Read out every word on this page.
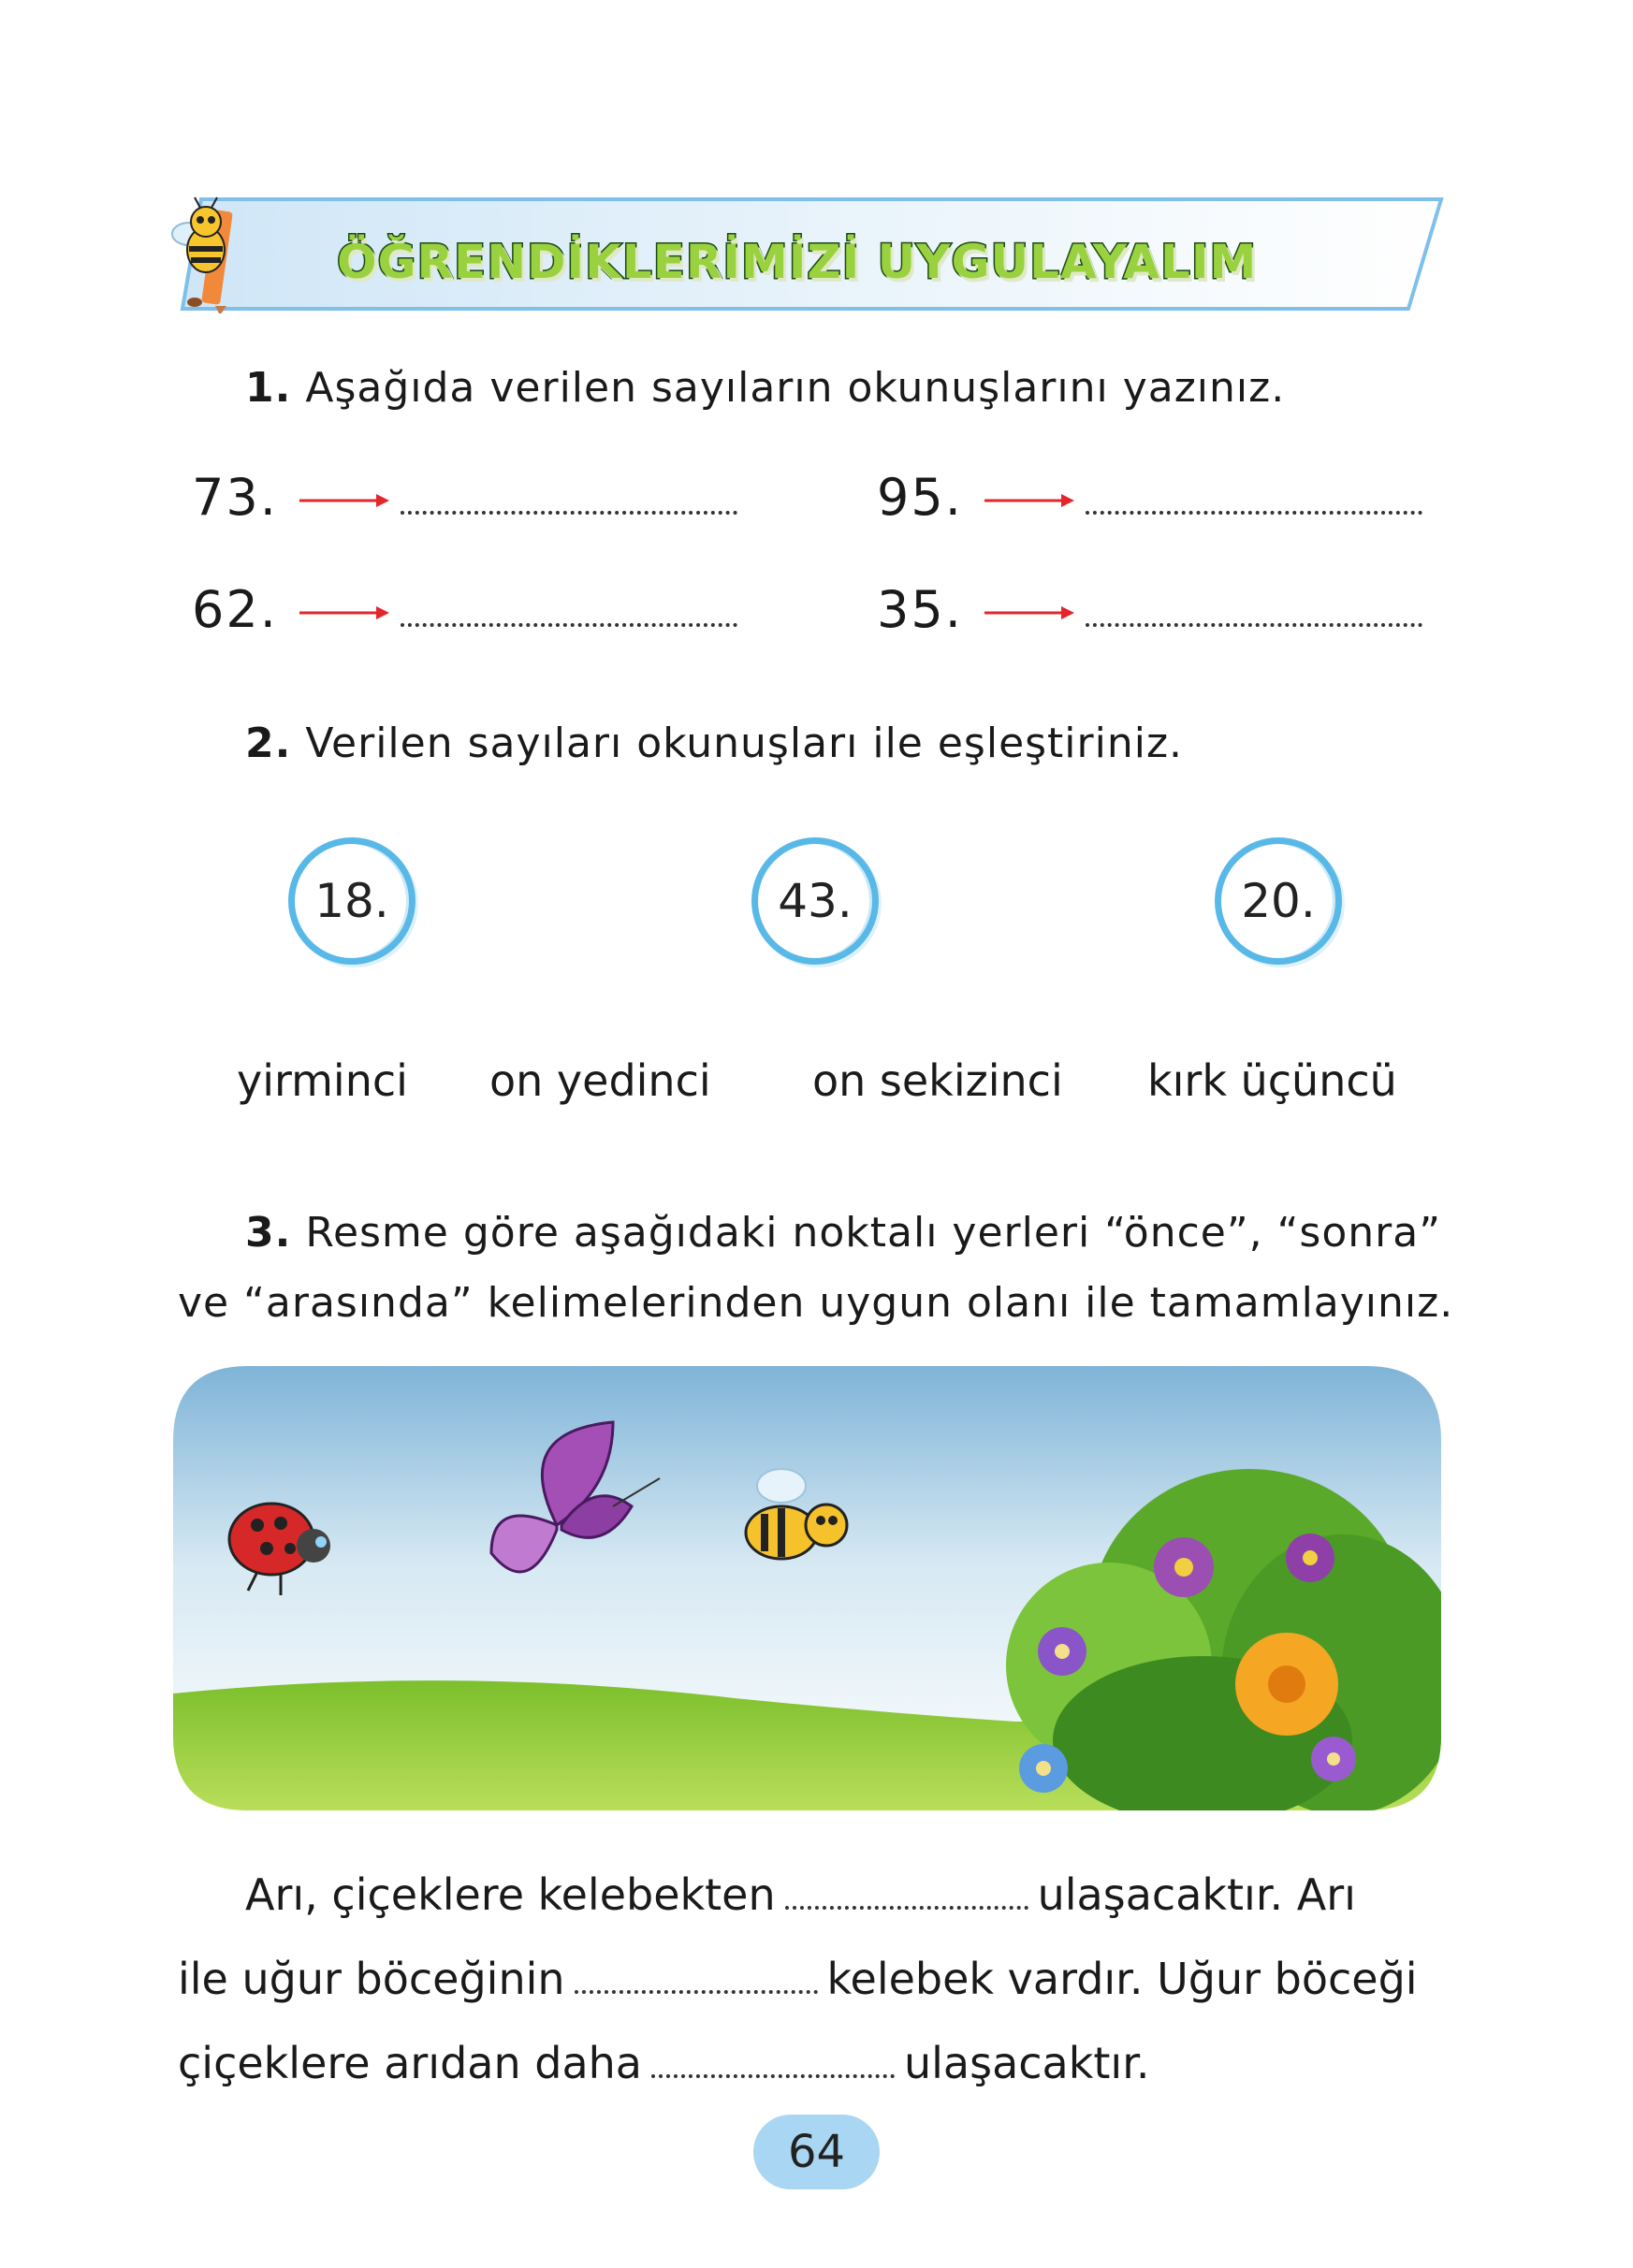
ÖĞRENDİKLERİMİZİ UYGULAYALIM
1. Aşağıda verilen sayıların okunuşlarını yazınız.
73.	95.
62.	35.
2. Verilen sayıları okunuşları ile eşleştiriniz.
18.	43.	20.
yirminci on yedinci on sekizinci kırk üçüncü
3. Resme göre aşağıdaki noktalı yerleri “önce”, “sonra”
ve “arasında” kelimelerinden uygun olanı ile tamamlayınız.
Arı, çiçeklere kelebekten	ulaşacaktır. Arı
ile uğur böceğinin	kelebek vardır. Uğur böceği
çiçeklere arıdan daha	ulaşacaktır.
64
